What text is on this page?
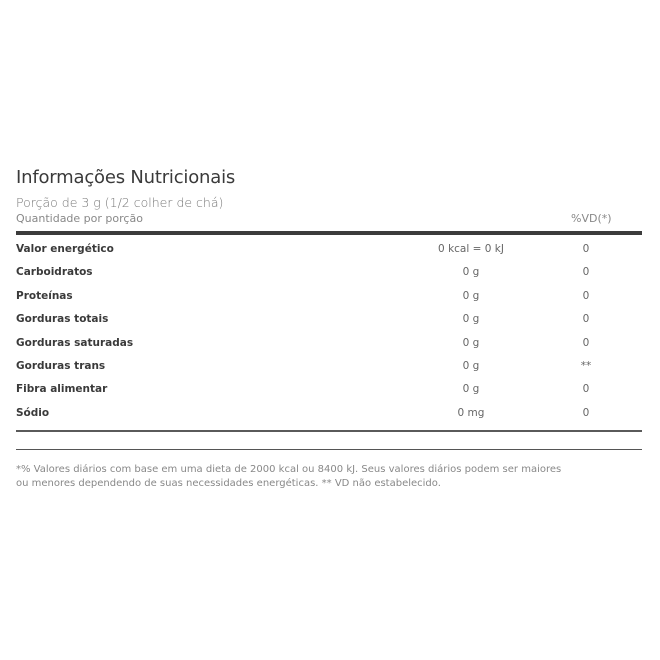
Informações Nutricionais
Porção de 3 g (1/2 colher de chá)
Quantidade por porção	%VD(*)
Valor energético	0 kcal = 0 kJ	0
Carboidratos	0 g	0
Proteínas	0 g	0
Gorduras totais	0 g	0
Gorduras saturadas	0 g	0
Gorduras trans	0 g	**
Fibra alimentar	0 g	0
Sódio	0 mg	0
*% Valores diários com base em uma dieta de 2000 kcal ou 8400 kJ. Seus valores diários podem ser maiores ou menores dependendo de suas necessidades energéticas. ** VD não estabelecido.
